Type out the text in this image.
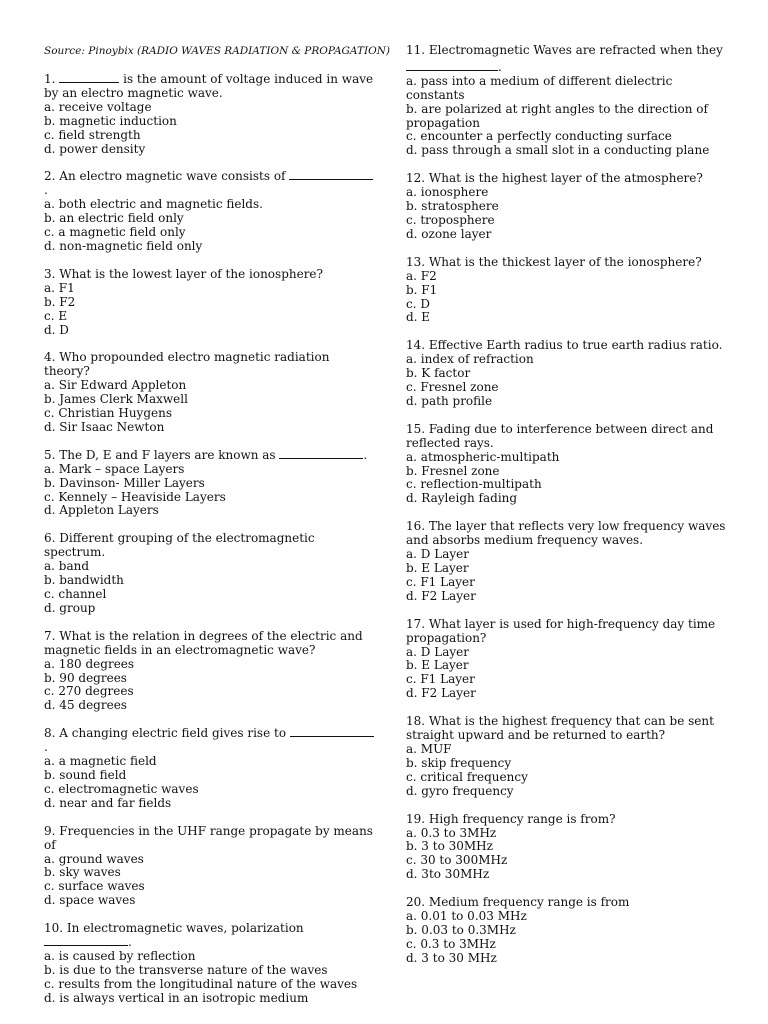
Source: Pinoybix (RADIO WAVES RADIATION & PROPAGATION)

1.	is the amount of voltage induced in wave by an electro magnetic wave.

a. receive voltage
b. magnetic induction
c. field strength
d. power density

2. An electro magnetic wave consists of .

a. both electric and magnetic fields.
b. an electric field only
c. a magnetic field only
d. non-magnetic field only

3. What is the lowest layer of the ionosphere?

a. F1
b. F2
c. E
d. D

4. Who propounded electro magnetic radiation theory?

a. Sir Edward Appleton
b. James Clerk Maxwell
c. Christian Huygens
d. Sir Isaac Newton

5. The D, E and F layers are known as	.

a. Mark – space Layers
b. Davinson- Miller Layers
c. Kennely – Heaviside Layers
d. Appleton Layers

6. Different grouping of the electromagnetic spectrum.

a. band
b. bandwidth
c. channel
d. group

7. What is the relation in degrees of the electric and magnetic fields in an electromagnetic wave?

a. 180 degrees
b. 90 degrees
c. 270 degrees
d. 45 degrees

8. A changing electric field gives rise to .

a. a magnetic field
b. sound field
c. electromagnetic waves
d. near and far fields

9. Frequencies in the UHF range propagate by means of

a. ground waves
b. sky waves
c. surface waves
d. space waves

10. In electromagnetic waves, polarization .

a. is caused by reflection
b. is due to the transverse nature of the waves
c. results from the longitudinal nature of the waves
d. is always vertical in an isotropic medium

11. Electromagnetic Waves are refracted when they

.
a. pass into a medium of different dielectric constants
b. are polarized at right angles to the direction of propagation
c. encounter a perfectly conducting surface
d. pass through a small slot in a conducting plane

12. What is the highest layer of the atmosphere?

a. ionosphere
b. stratosphere
c. troposphere
d. ozone layer

13. What is the thickest layer of the ionosphere?

a. F2
b. F1
c. D
d. E

14. Effective Earth radius to true earth radius ratio.

a. index of refraction
b. K factor
c. Fresnel zone
d. path profile

15. Fading due to interference between direct and reflected rays.

a. atmospheric-multipath
b. Fresnel zone
c. reflection-multipath
d. Rayleigh fading

16. The layer that reflects very low frequency waves and absorbs medium frequency waves.

a. D Layer
b. E Layer
c. F1 Layer
d. F2 Layer

17. What layer is used for high-frequency day time propagation?

a. D Layer
b. E Layer
c. F1 Layer
d. F2 Layer

18. What is the highest frequency that can be sent straight upward and be returned to earth?

a. MUF
b. skip frequency
c. critical frequency
d. gyro frequency

19. High frequency range is from?

a. 0.3 to 3MHz
b. 3 to 30MHz
c. 30 to 300MHz
d. 3to 30MHz

20. Medium frequency range is from

a. 0.01 to 0.03 MHz
b. 0.03 to 0.3MHz
c. 0.3 to 3MHz
d. 3 to 30 MHz
